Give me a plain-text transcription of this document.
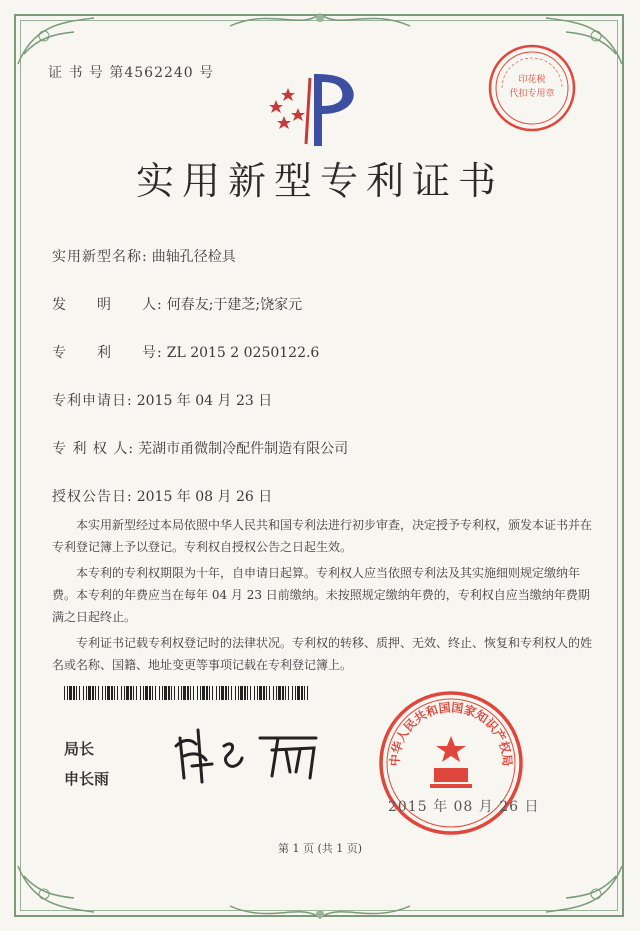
证 书 号 第4562240 号
实用新型专利证书
印花税
代扣专用章
实用新型名称: 曲轴孔径检具
发　　明　　人: 何春友;于建芝;饶家元
专　　利　　号: ZL 2015 2 0250122.6
专利申请日: 2015 年 04 月 23 日
专 利 权 人: 芜湖市甬微制冷配件制造有限公司
授权公告日: 2015 年 08 月 26 日

　　本实用新型经过本局依照中华人民共和国专利法进行初步审查，决定授予专利权，颁发本证书并在专利登记簿上予以登记。专利权自授权公告之日起生效。

　　本专利的专利权期限为十年，自申请日起算。专利权人应当依照专利法及其实施细则规定缴纳年费。本专利的年费应当在每年 04 月 23 日前缴纳。未按照规定缴纳年费的，专利权自应当缴纳年费期满之日起终止。

　　专利证书记载专利权登记时的法律状况。专利权的转移、质押、无效、终止、恢复和专利权人的姓名或名称、国籍、地址变更等事项记载在专利登记簿上。

局长
申长雨
中华人民共和国国家知识产权局
2015 年 08 月 26 日
第 1 页 (共 1 页)
